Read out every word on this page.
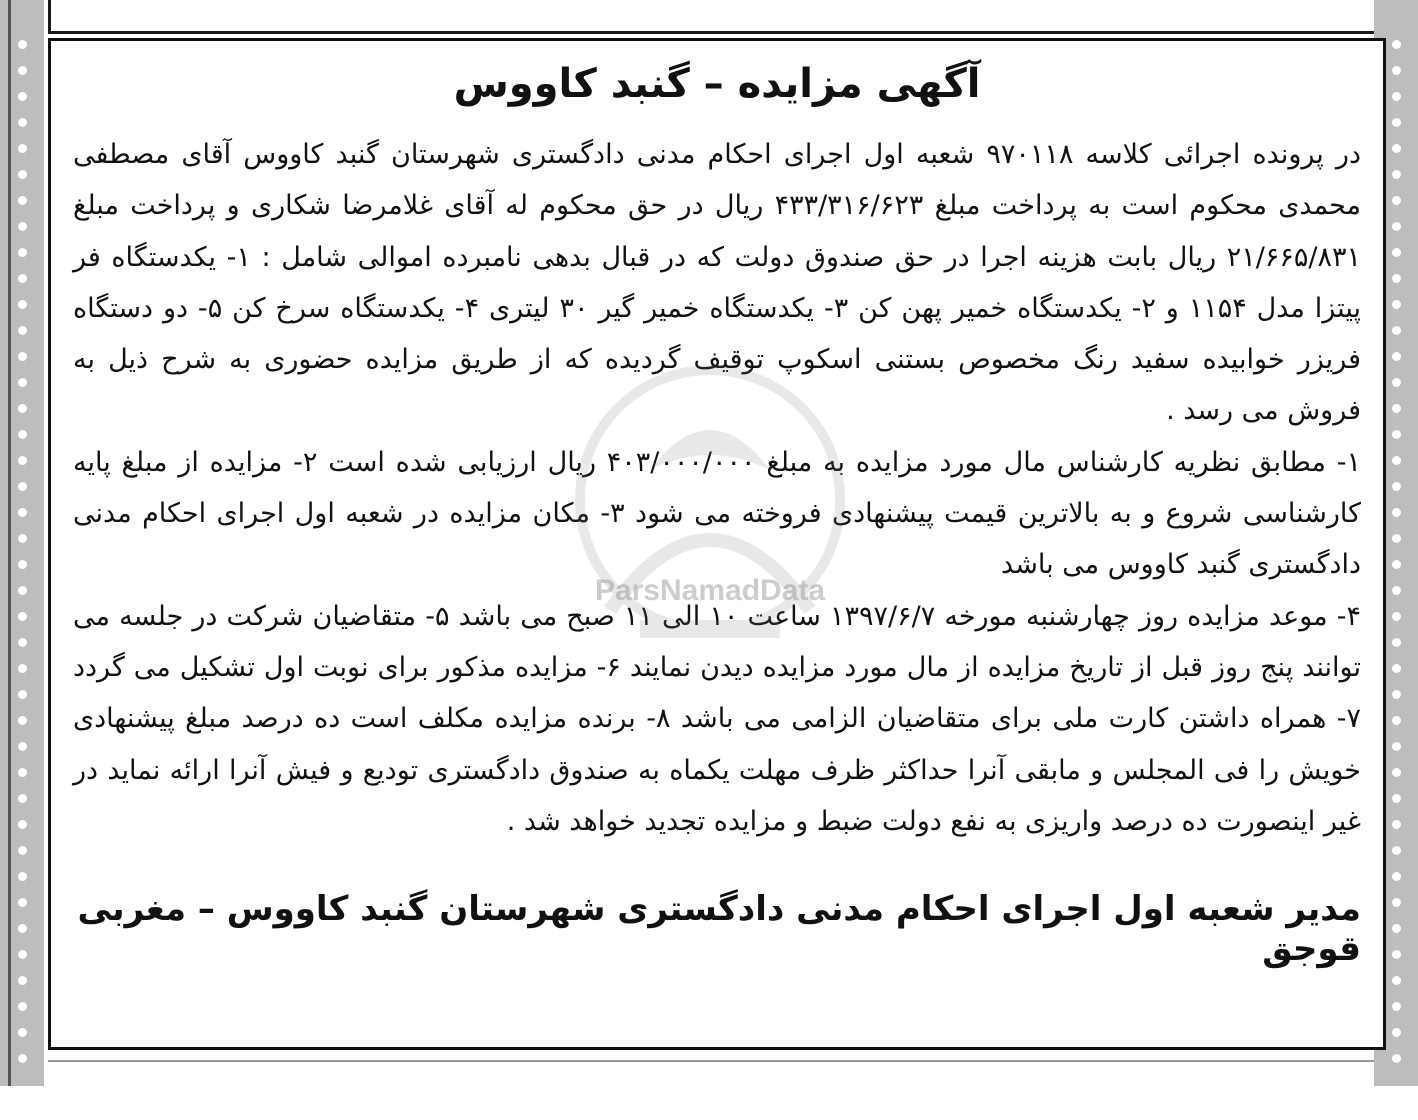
آگهی مزایده – گنبد کاووس

در پرونده اجرائی کلاسه ۹۷۰۱۱۸ شعبه اول اجرای احکام مدنی دادگستری شهرستان گنبد کاووس آقای مصطفی محمدی محکوم است به پرداخت مبلغ ۴۳۳/۳۱۶/۶۲۳ ریال در حق محکوم له آقای غلامرضا شکاری و پرداخت مبلغ ۲۱/۶۶۵/۸۳۱ ریال بابت هزینه اجرا در حق صندوق دولت که در قبال بدهی نامبرده اموالی شامل : ۱- یکدستگاه فر پیتزا مدل ۱۱۵۴ و ۲- یکدستگاه خمیر پهن کن ۳- یکدستگاه خمیر گیر ۳۰ لیتری ۴- یکدستگاه سرخ کن ۵- دو دستگاه فریزر خوابیده سفید رنگ مخصوص بستنی اسکوپ توقیف گردیده که از طریق مزایده حضوری به شرح ذیل به فروش می رسد .

۱- مطابق نظریه کارشناس مال مورد مزایده به مبلغ ۴۰۳/۰۰۰/۰۰۰ ریال ارزیابی شده است ۲- مزایده از مبلغ پایه کارشناسی شروع و به بالاترین قیمت پیشنهادی فروخته می شود ۳- مکان مزایده در شعبه اول اجرای احکام مدنی دادگستری گنبد کاووس می باشد

۴- موعد مزایده روز چهارشنبه مورخه ۱۳۹۷/۶/۷ ساعت ۱۰ الی ۱۱ صبح می باشد ۵- متقاضیان شرکت در جلسه می توانند پنج روز قبل از تاریخ مزایده از مال مورد مزایده دیدن نمایند ۶- مزایده مذکور برای نوبت اول تشکیل می گردد ۷- همراه داشتن کارت ملی برای متقاضیان الزامی می باشد ۸- برنده مزایده مکلف است ده درصد مبلغ پیشنهادی خویش را فی المجلس و مابقی آنرا حداکثر ظرف مهلت یکماه به صندوق دادگستری تودیع و فیش آنرا ارائه نماید در غیر اینصورت ده درصد واریزی به نفع دولت ضبط و مزایده تجدید خواهد شد .

مدیر شعبه اول اجرای احکام مدنی دادگستری شهرستان گنبد کاووس – مغربی قوجق
ParsNamadData
